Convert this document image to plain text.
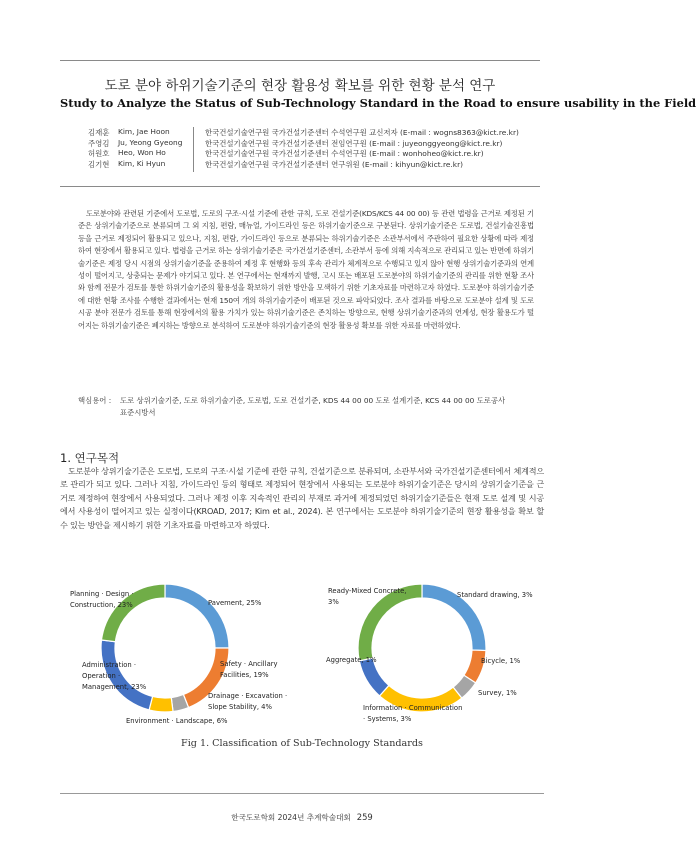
도로 분야 하위기술기준의 현장 활용성 확보를 위한 현황 분석 연구
Study to Analyze the Status of Sub-Technology Standard in the Road to ensure usability in the Field
김재훈 Kim, Jae Hoon	한국건설기술연구원 국가건설기준센터 수석연구원 교신저자 (E-mail : wogns8363@kict.re.kr)
주영김 Ju, Yeong Gyeong	한국건설기술연구원 국가건설기준센터 전임연구원 (E-mail : juyeonggyeong@kict.re.kr)
허원호 Heo, Won Ho	한국건설기술연구원 국가건설기준센터 수석연구원 (E-mail : wonhoheo@kict.re.kr)
김기현 Kim, Ki Hyun	한국건설기술연구원 국가건설기준센터 연구위원 (E-mail : kihyun@kict.re.kr)
도로분야와 관련된 기준에서 도로법, 도로의 구조·시설 기준에 관한 규칙, 도로 건설기준(KDS/KCS 44 00 00) 등 관련 법령을 근거로 제정된 기준은 상위기술기준으로 분류되며 그 외 지침, 편람, 매뉴얼, 가이드라인 등은 하위기술기준으로 구분된다. 상위기술기준은 도로법, 건설기술진흥법 등을 근거로 제정되어 활용되고 있으나, 지침, 편람, 가이드라인 등으로 분류되는 하위기술기준은 소관부서에서 주관하여 필요한 상황에 따라 제정하여 현장에서 활용되고 있다. 법령을 근거로 하는 상위기술기준은 국가건설기준센터, 소관부서 등에 의해 지속적으로 관리되고 있는 반면에 하위기술기준은 제정 당시 시점의 상위기술기준을 준용하여 제정 후 현행화 등의 후속 관리가 체계적으로 수행되고 있지 않아 현행 상위기술기준과의 연계성이 떨어지고, 상충되는 문제가 야기되고 있다. 본 연구에서는 현재까지 발행, 고시 또는 배포된 도로분야의 하위기술기준의 관리를 위한 현황 조사와 함께 전문가 검토를 통한 하위기술기준의 활용성을 확보하기 위한 방안을 모색하기 위한 기초자료를 마련하고자 하였다. 도로분야 하위기술기준에 대한 현황 조사를 수행한 결과에서는 현재 150여 개의 하위기술기준이 배포된 것으로 파악되었다. 조사 결과를 바탕으로 도로분야 설계 및 도로 시공 분야 전문가 검토를 통해 현장에서의 활용 가치가 있는 하위기술기준은 존치하는 방향으로, 현행 상위기술기준과의 연계성, 현장 활용도가 떨어지는 하위기술기준은 폐지하는 방향으로 분석하여 도로분야 하위기술기준의 현장 활용성 확보를 위한 자료를 마련하였다.
핵심용어 : 도로 상위기술기준, 도로 하위기술기준, 도로법, 도로 건설기준, KDS 44 00 00 도로 설계기준, KCS 44 00 00 도로공사
표준시방서
1. 연구목적
도로분야 상위기술기준은 도로법, 도로의 구조·시설 기준에 관한 규칙, 건설기준으로 분류되며, 소관부서와 국가건설기준센터에서 체계적으로 관리가 되고 있다. 그러나 지침, 가이드라인 등의 형태로 제정되어 현장에서 사용되는 도로분야 하위기술기준은 당시의 상위기술기준을 근거로 제정하여 현장에서 사용되었다. 그러나 제정 이후 지속적인 관리의 부재로 과거에 제정되었던 하위기술기준들은 현재 도로 설계 및 시공에서 사용성이 떨어지고 있는 실정이다(KROAD, 2017; Kim et al., 2024). 본 연구에서는 도로분야 하위기술기준의 현장 활용성을 확보 할 수 있는 방안을 제시하기 위한 기초자료를 마련하고자 하였다.
Pavement, 25%
Safety · Ancillary Facilities, 19%
Drainage · Excavation · Slope Stability, 4%
Environment · Landscape, 6%
Administration · Operation · Management, 23%
Planning · Design · Construction, 23%
Standard drawing, 3%
Bicycle, 1%
Survey, 1%
Information · Communication · Systems, 3%
Aggregate, 1%
Ready-Mixed Concrete, 3%
Fig 1. Classification of Sub-Technology Standards
한국도로학회 2024년 추계학술대회 259
